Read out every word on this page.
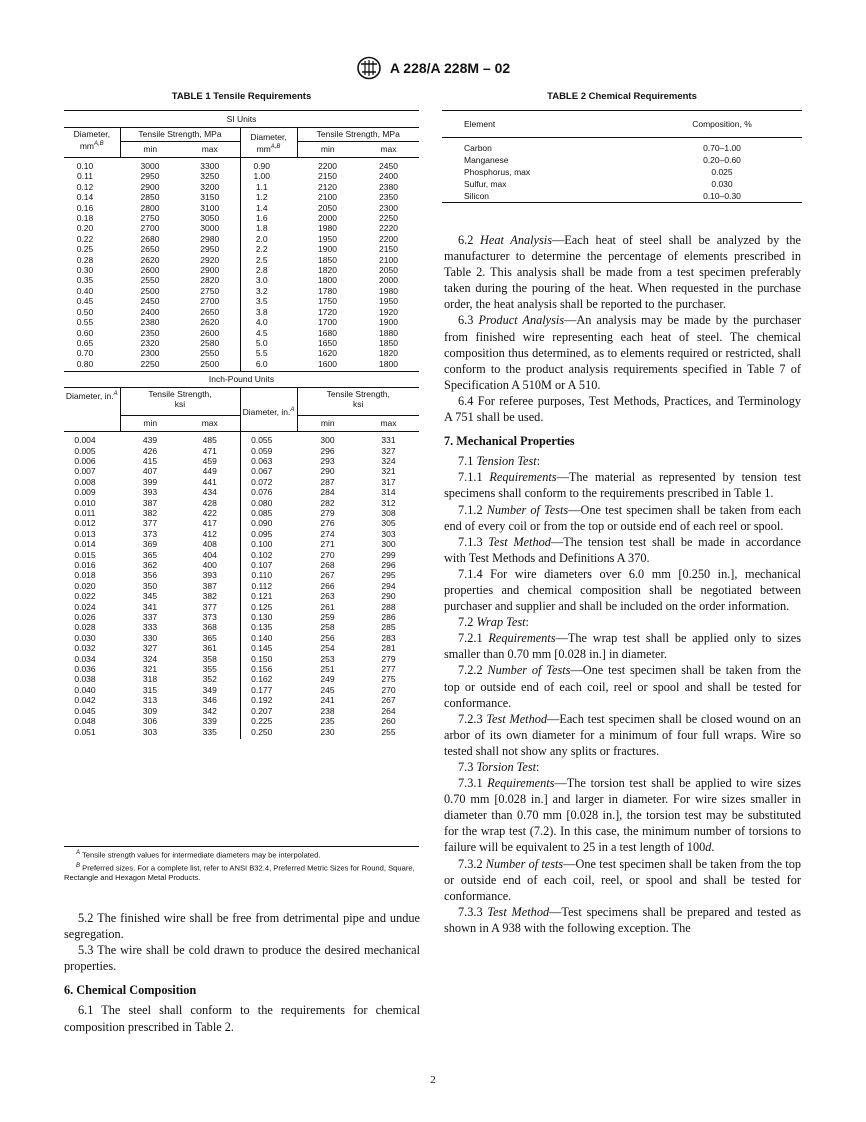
A 228/A 228M – 02
TABLE 1 Tensile Requirements
SI Units					
Diameter, $mm^{A,B}$	Tensile Strength, MPa		Diameter, $mm^{A,B}$	Tensile Strength, MPa	
	min	max		min	max
0.10	3000	3300	0.90	2200	2450
0.11	2950	3250	1.00	2150	2400
0.12	2900	3200	1.1	2120	2380
0.14	2850	3150	1.2	2100	2350
0.16	2800	3100	1.4	2050	2300
0.18	2750	3050	1.6	2000	2250
0.20	2700	3000	1.8	1980	2220
0.22	2680	2980	2.0	1950	2200
0.25	2650	2950	2.2	1900	2150
0.28	2620	2920	2.5	1850	2100
0.30	2600	2900	2.8	1820	2050
0.35	2550	2820	3.0	1800	2000
0.40	2500	2750	3.2	1780	1980
0.45	2450	2700	3.5	1750	1950
0.50	2400	2650	3.8	1720	1920
0.55	2380	2620	4.0	1700	1900
0.60	2350	2600	4.5	1680	1880
0.65	2320	2580	5.0	1650	1850
0.70	2300	2550	5.5	1620	1820
0.80	2250	2500	6.0	1600	1800
Inch-Pound Units					
Diameter, in.$^A$	Tensile Strength,
ksi		Diameter, in.$^A$	Tensile Strength,
ksi	
	min	max		min	max
0.004	439	485	0.055	300	331
0.005	426	471	0.059	296	327
0.006	415	459	0.063	293	324
0.007	407	449	0.067	290	321
0.008	399	441	0.072	287	317
0.009	393	434	0.076	284	314
0.010	387	428	0.080	282	312
0.011	382	422	0.085	279	308
0.012	377	417	0.090	276	305
0.013	373	412	0.095	274	303
0.014	369	408	0.100	271	300
0.015	365	404	0.102	270	299
0.016	362	400	0.107	268	296
0.018	356	393	0.110	267	295
0.020	350	387	0.112	266	294
0.022	345	382	0.121	263	290
0.024	341	377	0.125	261	288
0.026	337	373	0.130	259	286
0.028	333	368	0.135	258	285
0.030	330	365	0.140	256	283
0.032	327	361	0.145	254	281
0.034	324	358	0.150	253	279
0.036	321	355	0.156	251	277
0.038	318	352	0.162	249	275
0.040	315	349	0.177	245	270
0.042	313	346	0.192	241	267
0.045	309	342	0.207	238	264
0.048	306	339	0.225	235	260
0.051	303	335	0.250	230	255
$^A$ Tensile strength values for intermediate diameters may be interpolated.
$^B$ Preferred sizes. For a complete list, refer to ANSI B32.4, Preferred Metric Sizes for Round, Square, Rectangle and Hexagon Metal Products.
TABLE 2 Chemical Requirements
Element	Composition, %
Carbon	0.70–1.00
Manganese	0.20–0.60
Phosphorus, max	0.025
Sulfur, max	0.030
Silicon	0.10–0.30

5.2 The finished wire shall be free from detrimental pipe and undue segregation.

5.3 The wire shall be cold drawn to produce the desired mechanical properties.

6. Chemical Composition

6.1 The steel shall conform to the requirements for chemical composition prescribed in Table 2.

6.2 Heat Analysis—Each heat of steel shall be analyzed by the manufacturer to determine the percentage of elements prescribed in Table 2. This analysis shall be made from a test specimen preferably taken during the pouring of the heat. When requested in the purchase order, the heat analysis shall be reported to the purchaser.

6.3 Product Analysis—An analysis may be made by the purchaser from finished wire representing each heat of steel. The chemical composition thus determined, as to elements required or restricted, shall conform to the product analysis requirements specified in Table 7 of Specification A 510M or A 510.

6.4 For referee purposes, Test Methods, Practices, and Terminology A 751 shall be used.

7. Mechanical Properties

7.1 Tension Test:

7.1.1 Requirements—The material as represented by tension test specimens shall conform to the requirements prescribed in Table 1.

7.1.2 Number of Tests—One test specimen shall be taken from each end of every coil or from the top or outside end of each reel or spool.

7.1.3 Test Method—The tension test shall be made in accordance with Test Methods and Definitions A 370.

7.1.4 For wire diameters over 6.0 mm [0.250 in.], mechanical properties and chemical composition shall be negotiated between purchaser and supplier and shall be included on the order information.

7.2 Wrap Test:

7.2.1 Requirements—The wrap test shall be applied only to sizes smaller than 0.70 mm [0.028 in.] in diameter.

7.2.2 Number of Tests—One test specimen shall be taken from the top or outside end of each coil, reel or spool and shall be tested for conformance.

7.2.3 Test Method—Each test specimen shall be closed wound on an arbor of its own diameter for a minimum of four full wraps. Wire so tested shall not show any splits or fractures.

7.3 Torsion Test:

7.3.1 Requirements—The torsion test shall be applied to wire sizes 0.70 mm [0.028 in.] and larger in diameter. For wire sizes smaller in diameter than 0.70 mm [0.028 in.], the torsion test may be substituted for the wrap test (7.2). In this case, the minimum number of torsions to failure will be equivalent to 25 in a test length of 100d.

7.3.2 Number of tests—One test specimen shall be taken from the top or outside end of each coil, reel, or spool and shall be tested for conformance.

7.3.3 Test Method—Test specimens shall be prepared and tested as shown in A 938 with the following exception. The

2
